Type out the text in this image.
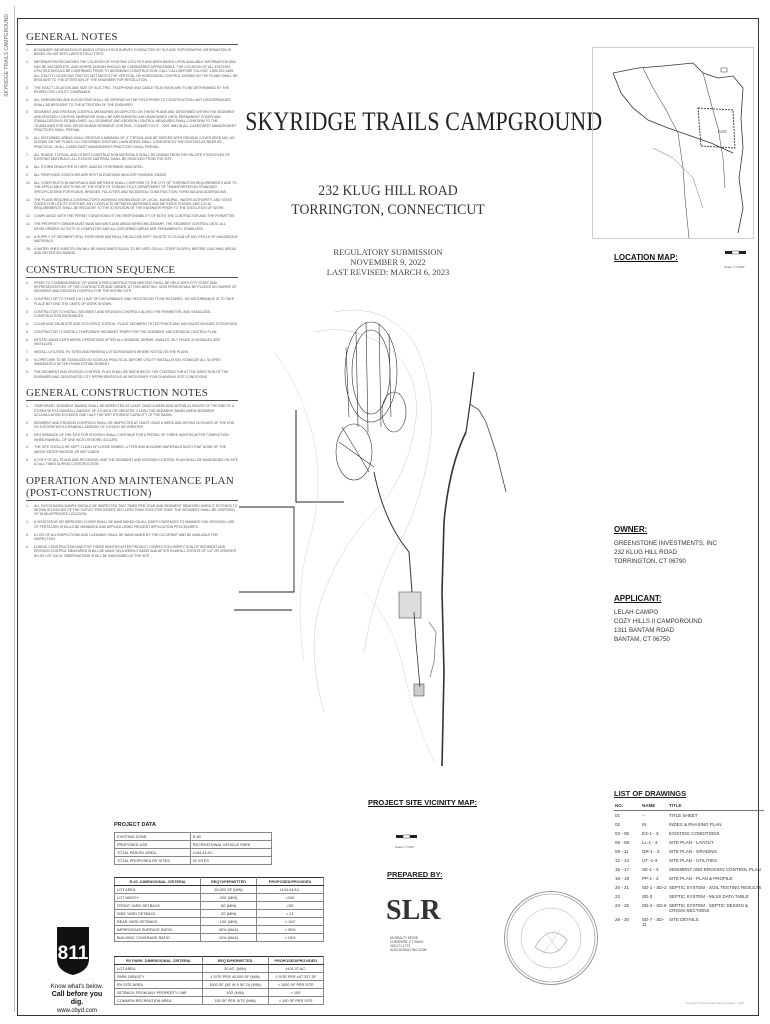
SKYRIDGE TRAILS CAMPGROUND GENERAL NOTES
1.	BOUNDARY INFORMATION IS BASED UPON A FIELD SURVEY CONDUCTED BY SLR AND TOPOGRAPHIC INFORMATION IS BASED ON GIS WITH LIMITED FIELD TOPO.
2.	INFORMATION REGARDING THE LOCATION OF EXISTING UTILITIES HAS BEEN BASED UPON AVAILABLE INFORMATION AND MAY BE INCOMPLETE, AND WHERE SHOWN SHOULD BE CONSIDERED APPROXIMATE. THE LOCATION OF ALL EXISTING UTILITIES SHOULD BE CONFIRMED PRIOR TO BEGINNING CONSTRUCTION. CALL 'CALL BEFORE YOU DIG' 1-800-922-4455. ALL UTILITY LOCATIONS THAT DO NOT MATCH THE VERTICAL OR HORIZONTAL CONTROL SHOWN ON THE PLANS SHALL BE BROUGHT TO THE ATTENTION OF THE ENGINEER FOR RESOLUTION.
3.	THE EXACT LOCATION AND SIZE OF ELECTRIC, TELEPHONE AND CABLE TELEVISION ARE TO BE DETERMINED BY THE RESPECTIVE UTILITY COMPANIES.
4.	ALL DIMENSIONS AND ELEVATIONS SHALL BE VERIFIED IN THE FIELD PRIOR TO CONSTRUCTION. ANY DISCREPANCIES SHALL BE BROUGHT TO THE ATTENTION OF THE ENGINEER.
5.	SEDIMENT AND EROSION CONTROL MEASURES AS DEPICTED ON THESE PLANS AND DESCRIBED WITHIN THE SEDIMENT AND EROSION CONTROL NARRATIVE SHALL BE IMPLEMENTED AND MAINTAINED UNTIL PERMANENT COVER AND STABILIZATION IS ESTABLISHED. ALL SEDIMENT AND EROSION CONTROL MEASURES SHALL CONFORM TO THE 'GUIDELINES FOR SOIL EROSION AND SEDIMENT CONTROL, CONNECTICUT - 2002' AND IN ALL CASES BEST MANAGEMENT PRACTICES SHALL PREVAIL.
6.	ALL DISTURBED AREAS SHALL RECEIVE A MINIMUM OF 4" TOPSOIL AND BE SEEDED WITH GROUND COVER SEED MIX, AS SHOWN ON THE PLANS. ALL DISTURBED EXISTING LAWN AREAS SHALL CONFORM TO THE EXISTING AS NEAR AS PRACTICAL. IN ALL CASES BEST MANAGEMENT PRACTICES SHALL PREVAIL.
7.	ALL ROADS, TOPSOIL AND OTHER CONSTRUCTION MATERIALS SHALL BE DRAWN FROM THE ON-SITE STOCKPILES OF EXISTING MATERIALS. ALL EXCESS MATERIAL SHALL BE REMOVED FROM THE SITE.
8.	ALL STORM DRAIN PIPE IS HDPE UNLESS OTHERWISE INDICATED.
9.	ALL PROPOSED CONTOURS ARE SPOT ELEVATIONS INDICATE FINISHED GRADE.
10. ALL CONSTRUCTION MATERIALS AND METHODS SHALL CONFORM TO THE CITY OF TORRINGTON REQUIREMENTS AND TO THE APPLICABLE SECTIONS OF THE STATE OF CONNECTICUT DEPARTMENT OF TRANSPORTATION STANDARD SPECIFICATIONS FOR ROADS, BRIDGES, FACILITIES AND INCIDENTAL CONSTRUCTION, FORM 818 AND ADDENDUMS.
11.	THE PLANS REQUIRE A CONTRACTOR'S WORKING KNOWLEDGE OF LOCAL, MUNICIPAL, WATER AUTHORITY, AND STATE CODES FOR UTILITY SYSTEMS. ANY CONFLICTS BETWEEN MATERIALS AND METHODS SHOWN, AND LOCAL REQUIREMENTS SHALL BE BROUGHT TO THE ATTENTION OF THE ENGINEER PRIOR TO THE EXECUTION OF WORK.
12. COMPLIANCE WITH THE PERMIT CONDITIONS IS THE RESPONSIBILITY OF BOTH THE CONTRACTOR AND THE PERMITTEE.
13. THE PROPERTY OWNER MUST MAINTAIN WETLAND AREAS WHEN NECESSARY. THE SEDIMENT CONTROL UNTIL ALL DEVELOPMENT ACTIVITY IS COMPLETED AND ALL DISTURBED AREAS ARE PERMANENTLY STABILIZED.
14. A SUPPLY OF SEDIMENT SPILL RESPONSE MATERIAL SHOULD BE KEPT ON-SITE TO CLEAN UP ANY SPILLS OF HAZARDOUS MATERIALS.
15. A WATER SHED SHEETFLOW WILL BE MAINTAINED EQUAL TO BE USED ON ALL STEEP SLOPES, BEFORE LEACHING AREAS AND DETENTION BASINS.
CONSTRUCTION SEQUENCE
1.	PRIOR TO COMMENCEMENT OF WORK A PRECONSTRUCTION MEETING SHALL BE HELD WITH CITY STAFF AND REPRESENTATIVES OF THE CONTRACTOR AND OWNER. AT THIS MEETING, SIGN PERSON WILL BE PLACED IN CHARGE OF SEDIMENT AND EROSION CONTROL FOR THE ENTIRE SITE.
2.	CONTRACTOR TO STAKE OUT LIMIT OF DISTURBANCE AND VEGETATION TO BE RETAINED. NO DISTURBANCE IS TO TAKE PLACE BEYOND THE LIMITS OF WORK SHOWN.
3.	CONTRACTOR TO INSTALL SEDIMENT AND EROSION CONTROLS ALONG THE PERIMETER, AND STABILIZED CONSTRUCTION ENTRANCES.
4.	CLEAR AND GRUB SITE AND STOCKPILE TOPSOIL. PLACE SEDIMENT FILTER FENCE AND HAY BALES AROUND STOCKPILES.
5.	CONTRACTOR TO INSTALL TEMPORARY SEDIMENT TRAPS FOR THE SEDIMENT AND EROSION CONTROL PLAN.
6.	INITIATE MASS EARTHWORK OPERATIONS AFTER ALL GRADING, BERMS, SWALES, SILT FENCE & HAYBALES ARE INSTALLED.
7.	INSTALL UTILITIES, RV SITES AND PARKING LOTS/DRIVEWAYS WHERE NOTED ON THE PLANS.
8.	SLOPES ARE TO BE STABILIZED AS SOON AS PRACTICAL BEFORE UTILITY INSTALLATION. STABILIZE ALL SLOPES IMMEDIATELY AFTER FINISH ESTABLISHMENT.
9.	THE SEDIMENT AND EROSION CONTROL PLAN SHALL BE MODIFIED BY THE CONTRACTOR AT THE DIRECTION OF THE ENGINEER AND DESIGNATED CITY REPRESENTATIVE AS NECESSARY FOR CHANGING SITE CONDITIONS.
GENERAL CONSTRUCTION NOTES
1.	TEMPORARY SEDIMENT BASINS SHALL BE INSPECTED AT LEAST ONCE A WEEK AND WITHIN 24 HOURS OF THE END OF A STORM WITH A RAINFALL AMOUNT OF 0.5 INCH OR GREATER. CLEAN THE SEDIMENT BASIN WHEN SEDIMENT ACCUMULATION EXCEEDS ONE HALF THE WET STORAGE CAPACITY OF THE BASIN.
2.	SEDIMENT AND EROSION CONTROLS SHALL BE INSPECTED AT LEAST ONCE A WEEK AND WITHIN 24 HOURS OF THE END OF A STORM WITH A RAINFALL AMOUNT OF 0.5 INCH OR GREATER.
3.	DISTURBANCE OF THE SITE FOR EROSION SHALL CONTINUE FOR A PERIOD OF THREE MONTHS AFTER COMPLETION WHEN RAINFALL OF ONE INCH OR MORE OCCURS.
4.	THE SITE SHOULD BE KEPT CLEAN OF LOOSE DEBRIS, LITTER AND BUILDING MATERIALS SUCH THAT NONE OF THE ABOVE ENTER WATERS OR WETLANDS.
5.	A COPY OF ALL PLANS AND REVISIONS, AND THE SEDIMENT AND EROSION CONTROL PLAN SHALL BE MAINTAINED ON SITE AT ALL TIMES DURING CONSTRUCTION.
OPERATION AND MAINTENANCE PLAN
(POST-CONSTRUCTION)
1.	ALL CATCH BASIN SUMPS SHOULD BE INSPECTED TWO TIMES PER YEAR AND SEDIMENT REMOVED WHEN IT EXTENDS TO WITHIN SIX INCHES OF THE OUTLET PIPE INVERT, BUT LESS THAN ONCE PER YEAR. THE SEDIMENT SHALL BE DISPOSED OF IN AN APPROVED LOCATION.
2.	A VEGETATIVE OR IMPROVED COVER SHALL BE MAINTAINED ON ALL EARTH SURFACES TO MINIMIZE SOIL EROSION. USE OF FERTILIZER SHOULD BE MINIMIZED AND APPLIED USING PRUDENT APPLICATION PROCEDURES.
3.	A LOG OF ALL INSPECTIONS AND CLEANING SHALL BE MAINTAINED BY THE OCCUPANT AND BE AVAILABLE FOR INSPECTION.
4.	DURING CONSTRUCTION AND FOR THREE MONTHS AFTER PROJECT COMPLETION INSPECTION OF SEDIMENT AND EROSION CONTROL MEASURES SHALL BE MADE ON A WEEKLY BASIS AND AFTER RAINFALL EVENTS OF 1/2" OR GREATER IN LIEU OF SUCH. OBSERVATIONS SHALL BE MAINTAINED AT THE SITE.
SKYRIDGE TRAILS CAMPGROUND
232 KLUG HILL ROAD
TORRINGTON, CONNECTICUT
REGULATORY SUBMISSION
NOVEMBER 9, 2022
LAST REVISED: MARCH 6, 2023
SITE
LOCATION MAP:
Scale: 1"=1000'
OWNER:
GREENSTONE INVESTMENTS, INC
232 KLUG HILL ROAD
TORRINGTON, CT 06790
APPLICANT:
LELAH CAMPO
COZY HILLS II CAMPGROUND
1311 BANTAM ROAD
BANTAM, CT 06750
PROJECT SITE VICINITY MAP:
Scale: 1"=400'
LIST OF DRAWINGS
NO.	NAME	TITLE
01	--	TITLE SHEET
02	IN	INDEX & PHASING PLAN
03 - 05	EX-1 - 3	EXISTING CONDITIONS
06 - 08	LL-1 - 3	SITE PLAN - LAYOUT
09 - 11	GR-1 - 3	SITE PLAN - GRADING
12 - 14	UT -1-3	SITE PLAN - UTILITIES
15 - 17	SE-1 - 3	SEDIMENT AND EROSION CONTROL PLAN
18 - 19	PP-1 - 2	SITE PLAN - PLAN & PROFILE
20 - 21	SD-1 - SD-2	SEPTIC SYSTEM - SOIL TESTING RESULTS
22	SD-3	SEPTIC SYSTEM - MLSS DATA TABLE
23 - 25	SD-4 - SD-6	SEPTIC SYSTEM - SEPTIC DESIGN & CROSS-SECTIONS
26 - 30	SD-7 - SD-11	SITE DETAILS
PROJECT DATA
EXISTING ZONE:	R-60
PROPOSED USE:	RECREATIONAL VEHICLE PARK
TOTAL PARCEL AREA:	±104.44 AC.
TOTAL PROPOSED RV SITES:	92 SITES
R-60 -DIMENSIONAL CRITERIA	REQ'D/PERMITTED	PROPOSED/PROVIDED
LOT AREA	60,000 SF (MIN)	±104.44 AC.
LOT WIDTH	200' (MIN)	>200'
FRONT YARD SETBACK	50' (MIN)	>50'
SIDE YARD SETBACK	20' (MIN)	> 21'
REAR YARD SETBACK	100' (MIN)	> 100'
IMPERVIOUS SURFACE RATIO	30% (MAX)	< 30%
BUILDING COVERAGE RATIO	10% (MAX)	< 10%
RV PARK -DIMENSIONAL CRITERIA	REQ'D/PERMITTED	PROPOSED/PROVIDED
LOT AREA	20 AC. (MIN)	±101.07 AC.
PARK DENSITY	1 SITE PER 40,000 SF (MIN)	1 SITE PER ±47,327 SF
RV SITE AREA	1500 SF (30' W X 50' D) (MIN)	> 1500 SF PER SITE
SETBACK FROM ANY PROPERTY LINE	100' (MIN)	> 100'
COMMON RECREATION AREA	150 SF PER SITE (MIN)	> 150 SF PER SITE
PREPARED BY:
SLR
99 REALTY DRIVE
CHESHIRE, CT 06410
203.271.1773
SLRCONSULTING.COM
811
Know what's below.
Call before you dig.
www.cbyd.com
Copyright SLR International Corporation - 2023
